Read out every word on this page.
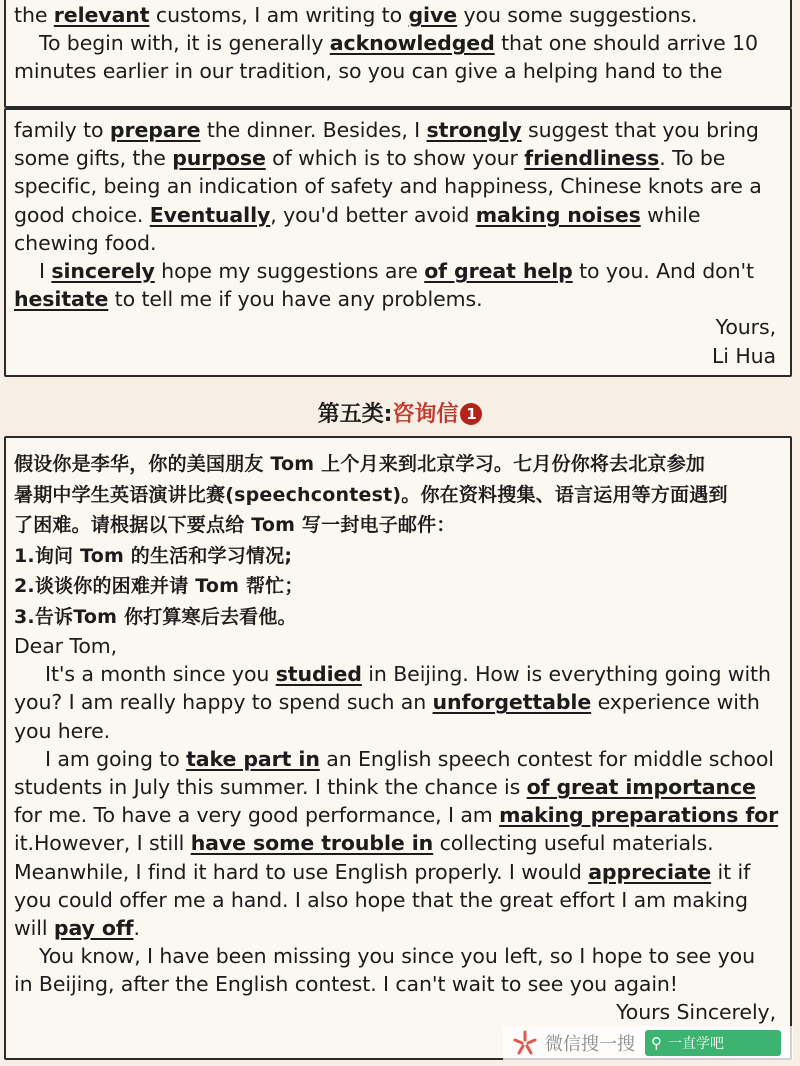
the relevant customs, I am writing to give you some suggestions.
To begin with, it is generally acknowledged that one should arrive 10
minutes earlier in our tradition, so you can give a helping hand to the
family to prepare the dinner. Besides, I strongly suggest that you bring
some gifts, the purpose of which is to show your friendliness. To be
specific, being an indication of safety and happiness, Chinese knots are a
good choice. Eventually, you'd better avoid making noises while
chewing food.
I sincerely hope my suggestions are of great help to you. And don't
hesitate to tell me if you have any problems.
Yours,
Li Hua
第五类:咨询信 1
假设你是李华，你的美国朋友 Tom 上个月来到北京学习。七月份你将去北京参加
暑期中学生英语演讲比赛(speechcontest)。你在资料搜集、语言运用等方面遇到
了困难。请根据以下要点给 Tom 写一封电子邮件：
1.询问 Tom 的生活和学习情况;
2.谈谈你的困难并请 Tom 帮忙；
3.告诉Tom 你打算寒后去看他。
Dear Tom,
It's a month since you studied in Beijing. How is everything going with
you? I am really happy to spend such an unforgettable experience with
you here.
I am going to take part in an English speech contest for middle school
students in July this summer. I think the chance is of great importance
for me. To have a very good performance, I am making preparations for
it.However, I still have some trouble in collecting useful materials.
Meanwhile, I find it hard to use English properly. I would appreciate it if
you could offer me a hand. I also hope that the great effort I am making
will pay off.
You know, I have been missing you since you left, so I hope to see you
in Beijing, after the English contest. I can't wait to see you again!
Yours Sincerely,
微信搜一搜 ⚲ 一直学吧
